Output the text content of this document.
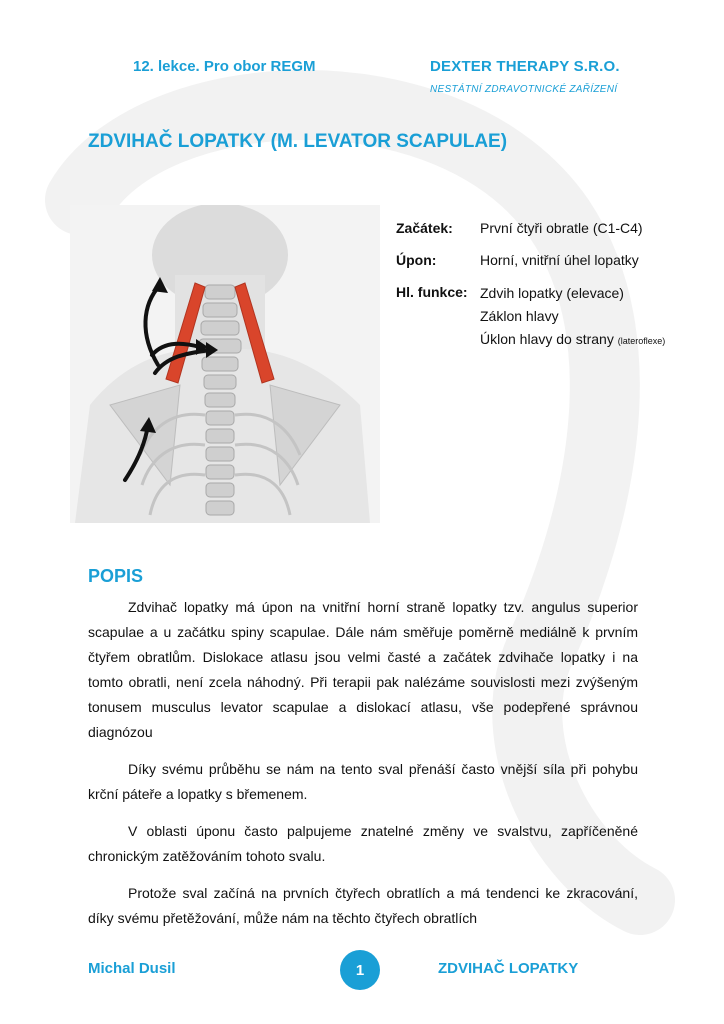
12. lekce. Pro obor REGM	DEXTER THERAPY S.R.O.
NESTÁTNÍ ZDRAVOTNICKÉ ZAŘÍZENÍ
ZDVIHAČ LOPATKY (M. LEVATOR SCAPULAE)
Začátek:	První čtyři obratle (C1-C4)
Úpon:	Horní, vnitřní úhel lopatky
Hl. funkce: Zdvih lopatky (elevace)
Záklon hlavy
Úklon hlavy do strany (lateroflexe)
POPIS

Zdvihač lopatky má úpon na vnitřní horní straně lopatky tzv. angulus superior scapulae a u začátku spiny scapulae. Dále nám směřuje poměrně mediálně k prvním čtyřem obratlům. Dislokace atlasu jsou velmi časté a začátek zdvihače lopatky i na tomto obratli, není zcela náhodný. Při terapii pak nalézáme souvislosti mezi zvýšeným tonusem musculus levator scapulae a dislokací atlasu, vše podepřené správnou diagnózou

Díky svému průběhu se nám na tento sval přenáší často vnější síla při pohybu krční páteře a lopatky s břemenem.

V oblasti úponu často palpujeme znatelné změny ve svalstvu, zapříčeněné chronickým zatěžováním tohoto svalu.

Protože sval začíná na prvních čtyřech obratlích a má tendenci ke zkracování, díky svému přetěžování, může nám na těchto čtyřech obratlích

Michal Dusil	1	ZDVIHAČ LOPATKY
